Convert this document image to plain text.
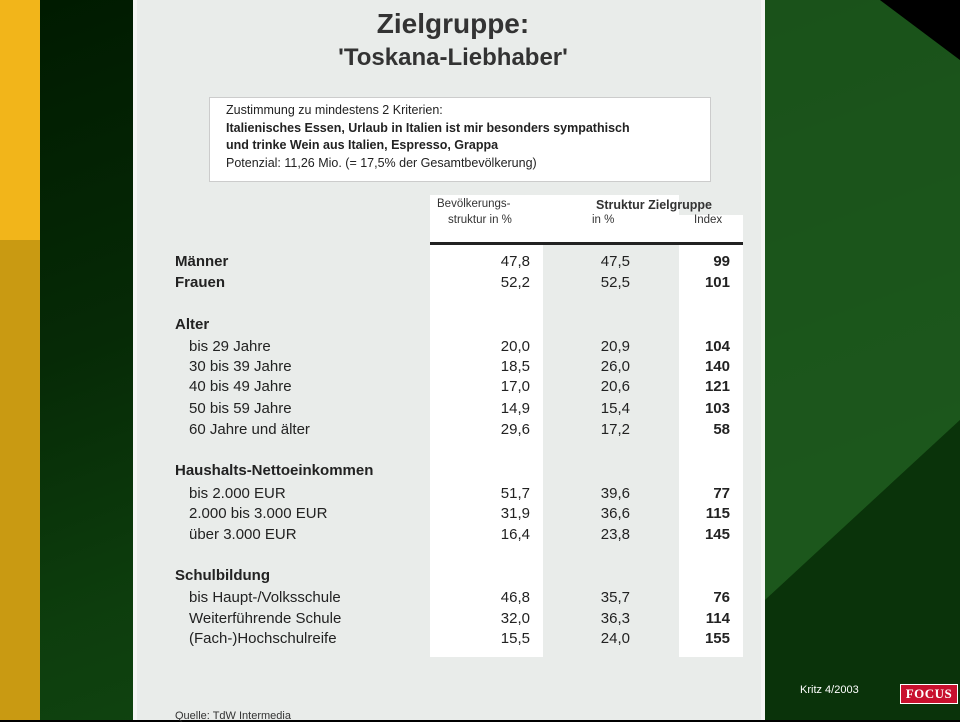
Zielgruppe:
'Toskana-Liebhaber'
Zustimmung zu mindestens 2 Kriterien:
Italienisches Essen, Urlaub in Italien ist mir besonders sympathisch
und trinke Wein aus Italien, Espresso, Grappa
Potenzial: 11,26 Mio. (= 17,5% der Gesamtbevölkerung)
Bevölkerungs-
struktur in %
Struktur Zielgruppe
in %	Index
Männer	47,8	47,5	99
Frauen	52,2	52,5	101
Alter
bis 29 Jahre	20,0	20,9	104
30 bis 39 Jahre	18,5	26,0	140
40 bis 49 Jahre	17,0	20,6	121
50 bis 59 Jahre	14,9	15,4	103
60 Jahre und älter	29,6	17,2	58
Haushalts-Nettoeinkommen
bis 2.000 EUR	51,7	39,6	77
2.000 bis 3.000 EUR	31,9	36,6	115
über 3.000 EUR	16,4	23,8	145
Schulbildung
bis Haupt-/Volksschule	46,8	35,7	76
Weiterführende Schule	32,0	36,3	114
(Fach-)Hochschulreife	15,5	24,0	155
Quelle: TdW Intermedia
Kritz 4/2003	FOCUS
